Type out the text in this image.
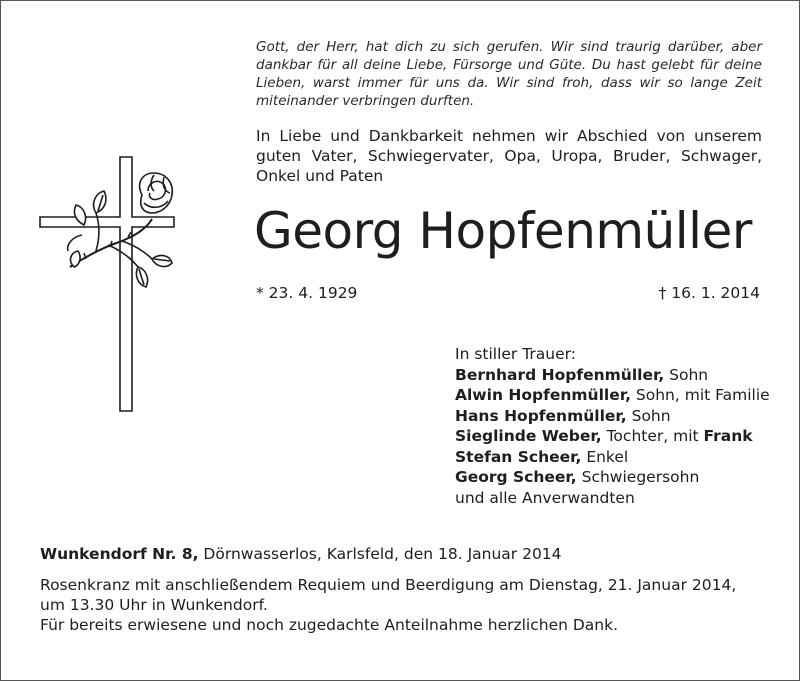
Gott, der Herr, hat dich zu sich gerufen. Wir sind traurig darüber, aber dankbar für all deine Liebe, Fürsorge und Güte. Du hast gelebt für deine Lieben, warst immer für uns da. Wir sind froh, dass wir so lange Zeit miteinander verbringen durften.
In Liebe und Dankbarkeit nehmen wir Abschied von unserem guten Vater, Schwiegervater, Opa, Uropa, Bruder, Schwager, Onkel und Paten
Georg Hopfenmüller
* 23. 4. 1929	† 16. 1. 2014
In stiller Trauer:
Bernhard Hopfenmüller, Sohn
Alwin Hopfenmüller, Sohn, mit Familie
Hans Hopfenmüller, Sohn
Sieglinde Weber, Tochter, mit Frank
Stefan Scheer, Enkel
Georg Scheer, Schwiegersohn
und alle Anverwandten
Wunkendorf Nr. 8, Dörnwasserlos, Karlsfeld, den 18. Januar 2014
Rosenkranz mit anschließendem Requiem und Beerdigung am Dienstag, 21. Januar 2014, um 13.30 Uhr in Wunkendorf.
Für bereits erwiesene und noch zugedachte Anteilnahme herzlichen Dank.
